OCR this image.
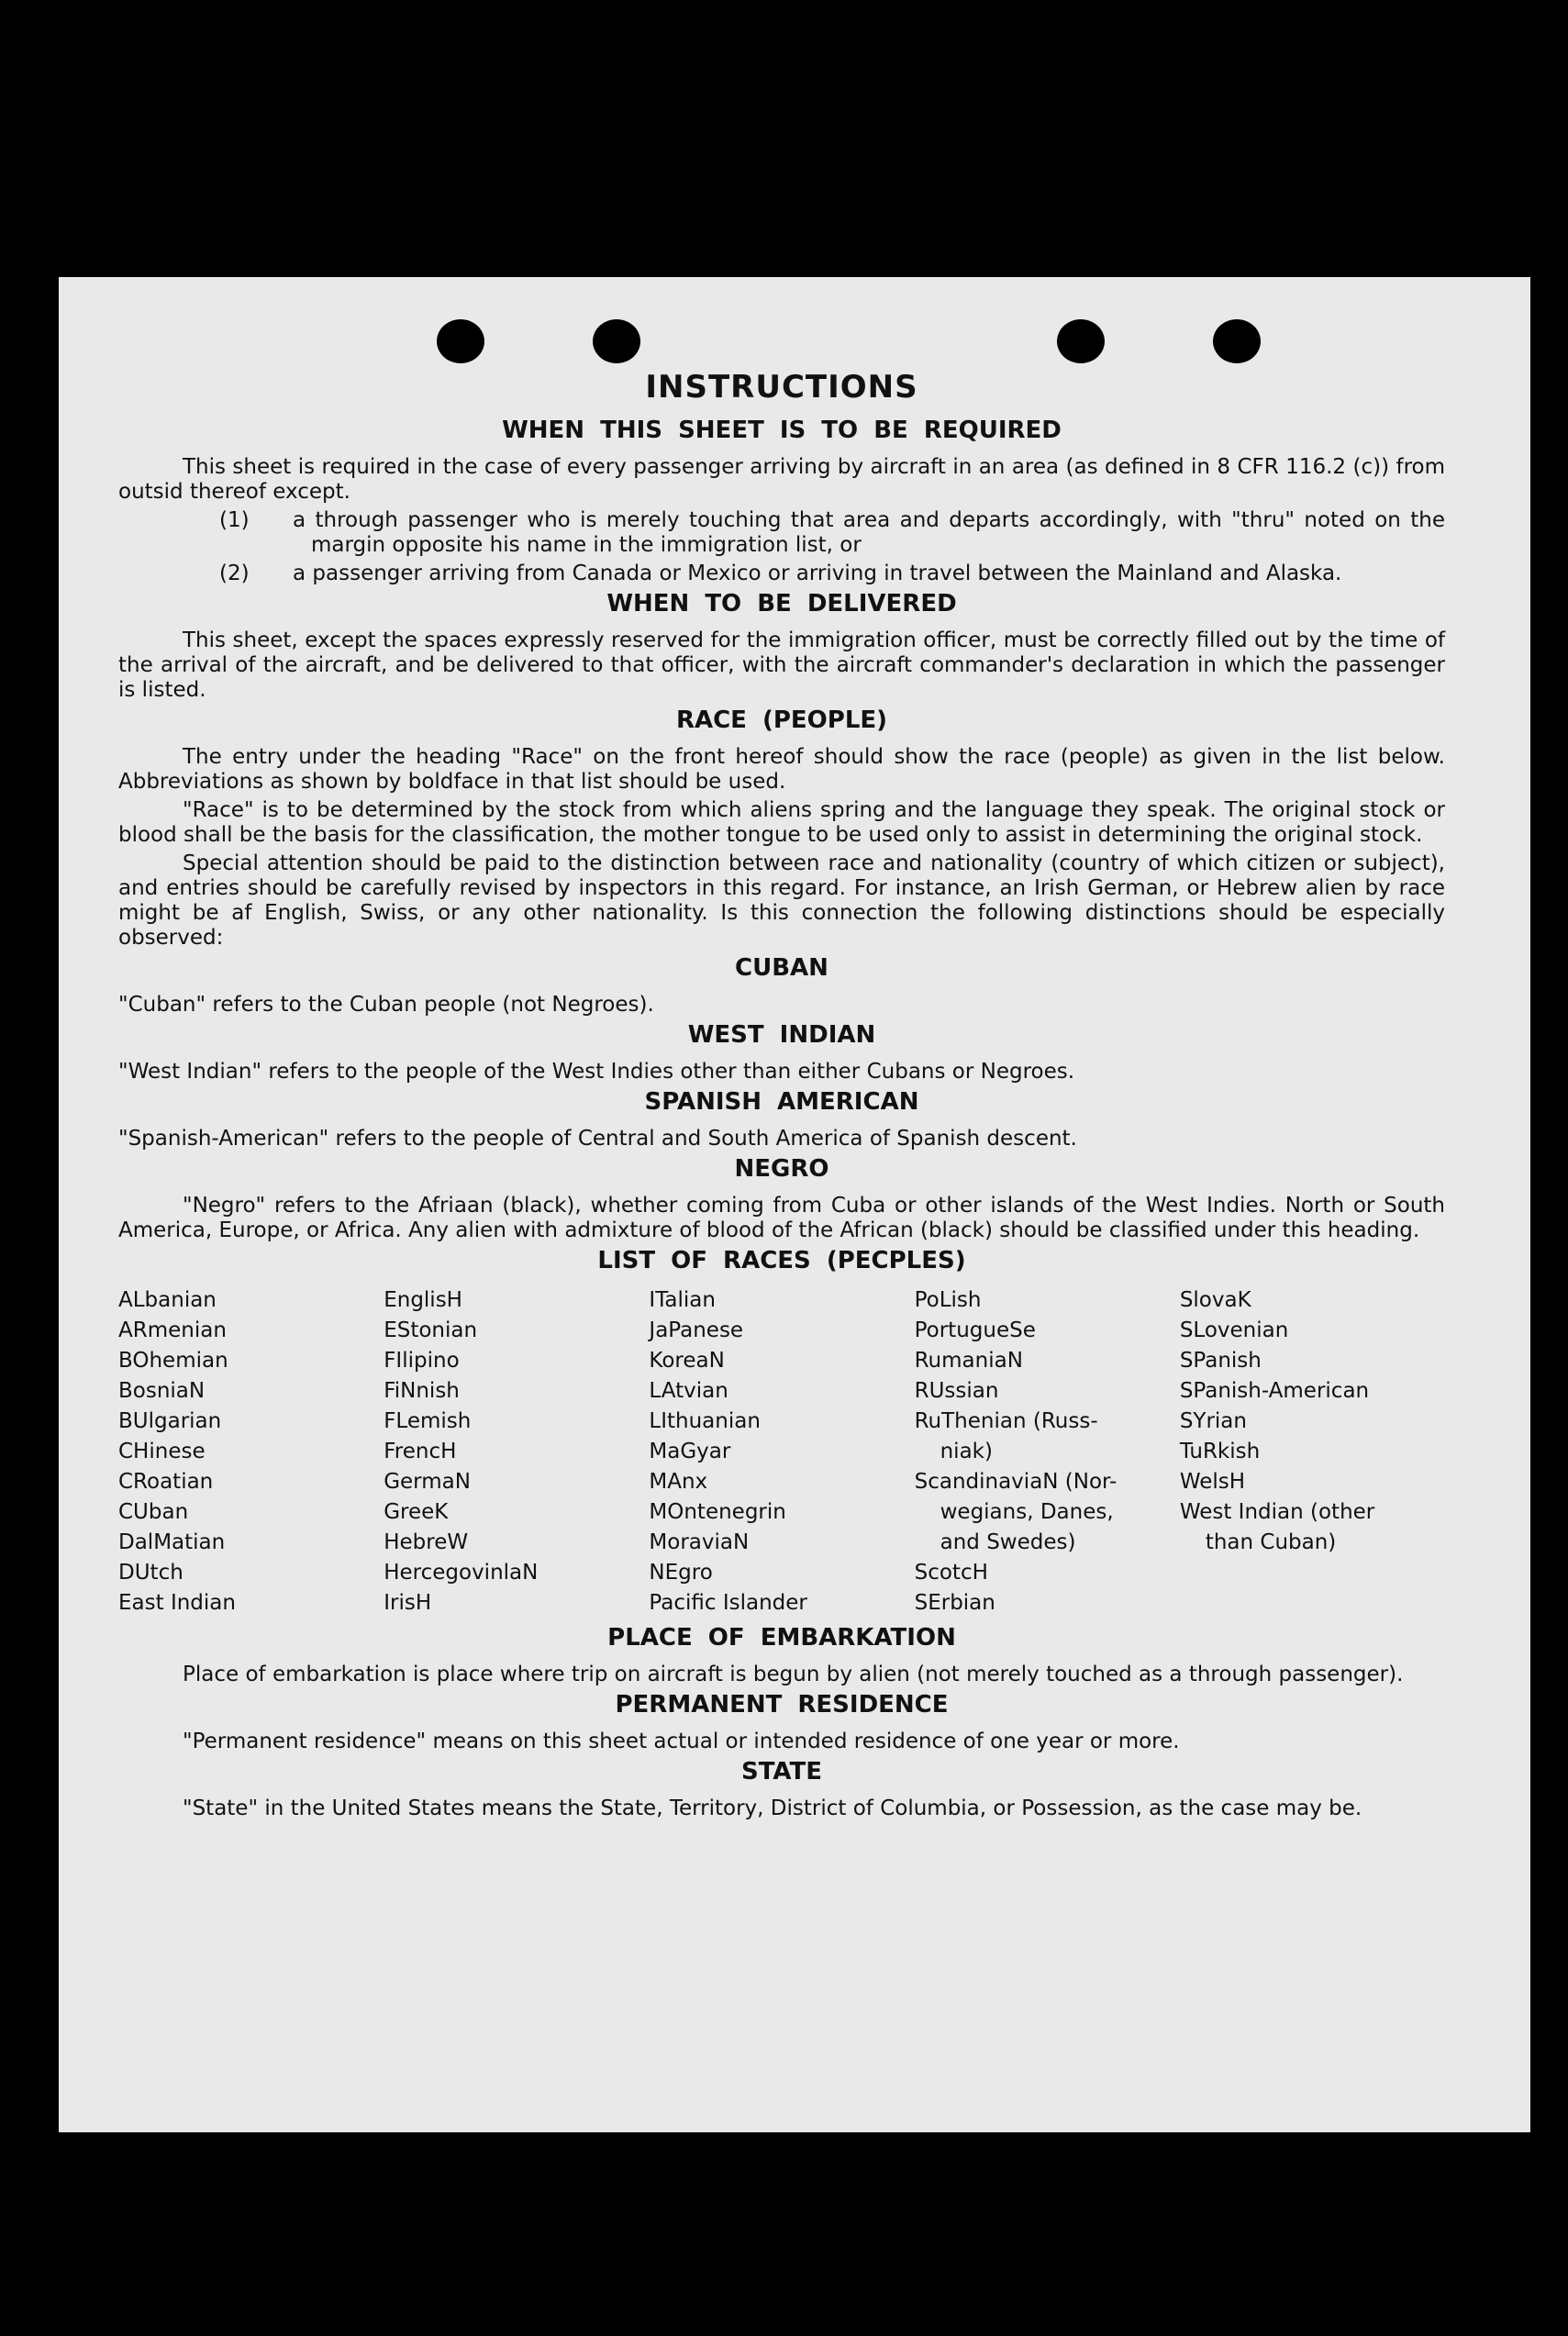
INSTRUCTIONS
WHEN THIS SHEET IS TO BE REQUIRED

This sheet is required in the case of every passenger arriving by aircraft in an area (as defined in 8 CFR 116.2 (c)) from outsid thereof except.

(1) a through passenger who is merely touching that area and departs accordingly, with "thru" noted on the margin opposite his name in the immigration list, or

(2) a passenger arriving from Canada or Mexico or arriving in travel between the Mainland and Alaska.

WHEN TO BE DELIVERED

This sheet, except the spaces expressly reserved for the immigration officer, must be correctly filled out by the time of the arrival of the aircraft, and be delivered to that officer, with the aircraft commander's declaration in which the passenger is listed.

RACE (PEOPLE)

The entry under the heading "Race" on the front hereof should show the race (people) as given in the list below. Abbreviations as shown by boldface in that list should be used.

"Race" is to be determined by the stock from which aliens spring and the language they speak. The original stock or blood shall be the basis for the classification, the mother tongue to be used only to assist in determining the original stock.

Special attention should be paid to the distinction between race and nationality (country of which citizen or subject), and entries should be carefully revised by inspectors in this regard. For instance, an Irish German, or Hebrew alien by race might be af English, Swiss, or any other nationality. Is this connection the following distinctions should be especially observed:

CUBAN

"Cuban" refers to the Cuban people (not Negroes).

WEST INDIAN

"West Indian" refers to the people of the West Indies other than either Cubans or Negroes.

SPANISH AMERICAN

"Spanish-American" refers to the people of Central and South America of Spanish descent.

NEGRO

"Negro" refers to the Afriaan (black), whether coming from Cuba or other islands of the West Indies. North or South America, Europe, or Africa. Any alien with admixture of blood of the African (black) should be classified under this heading.

LIST OF RACES (PECPLES)
ALbanian
ARmenian
BOhemian
BosniaN
BUlgarian
CHinese
CRoatian
CUban
DalMatian
DUtch
East Indian
EnglisH
EStonian
FIlipino
FiNnish
FLemish
FrencH
GermaN
GreeK
HebreW
HercegovinlaN
IrisH
ITalian
JaPanese
KoreaN
LAtvian
LIthuanian
MaGyar
MAnx
MOntenegrin
MoraviaN
NEgro
Pacific Islander
PoLish
PortugueSe
RumaniaN
RUssian
RuThenian (Russ-
niak)
ScandinaviaN (Nor-
wegians, Danes,
and Swedes)
ScotcH
SErbian
SlovaK
SLovenian
SPanish
SPanish-American
SYrian
TuRkish
WelsH
West Indian (other
than Cuban)
PLACE OF EMBARKATION

Place of embarkation is place where trip on aircraft is begun by alien (not merely touched as a through passenger).

PERMANENT RESIDENCE

"Permanent residence" means on this sheet actual or intended residence of one year or more.

STATE

"State" in the United States means the State, Territory, District of Columbia, or Possession, as the case may be.
